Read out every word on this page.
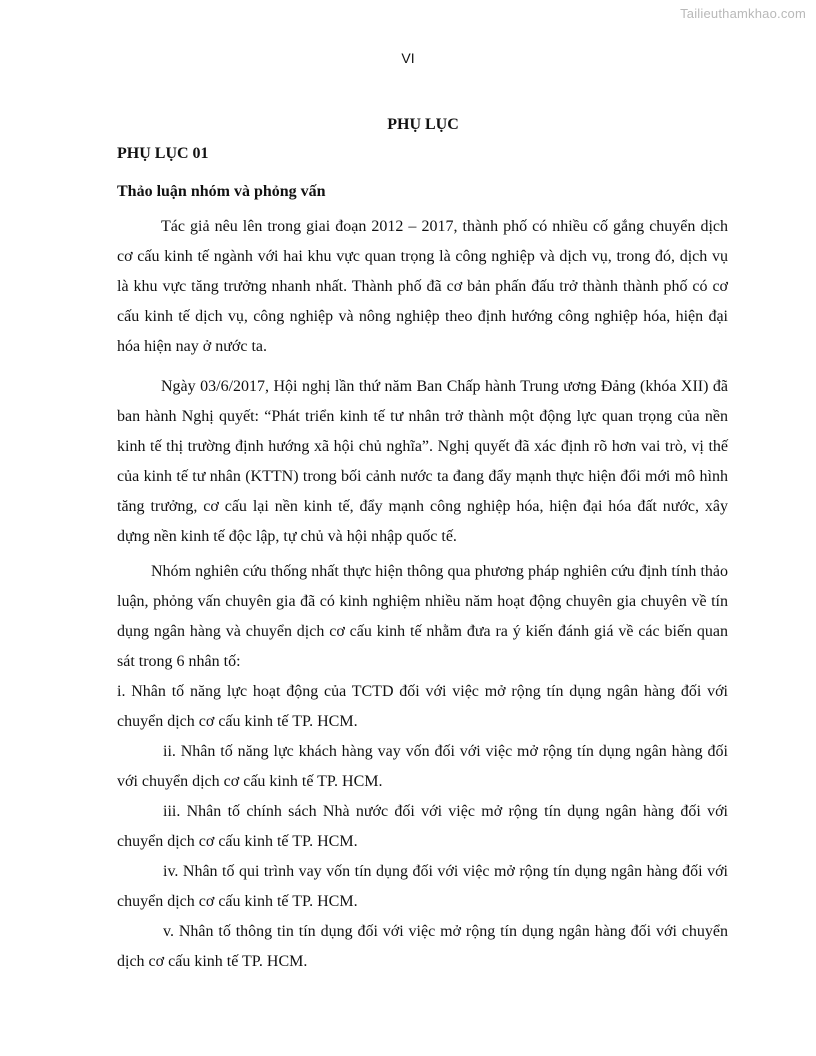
Tailieuthamkhao.com
VI
PHỤ LỤC
PHỤ LỤC 01
Thảo luận nhóm và phỏng vấn

Tác giả nêu lên trong giai đoạn 2012 – 2017, thành phố có nhiều cố gắng chuyển dịch cơ cấu kinh tế ngành với hai khu vực quan trọng là công nghiệp và dịch vụ, trong đó, dịch vụ là khu vực tăng trưởng nhanh nhất. Thành phố đã cơ bản phấn đấu trở thành thành phố có cơ cấu kinh tế dịch vụ, công nghiệp và nông nghiệp theo định hướng công nghiệp hóa, hiện đại hóa hiện nay ở nước ta.

Ngày 03/6/2017, Hội nghị lần thứ năm Ban Chấp hành Trung ương Đảng (khóa XII) đã ban hành Nghị quyết: “Phát triển kinh tế tư nhân trở thành một động lực quan trọng của nền kinh tế thị trường định hướng xã hội chủ nghĩa”. Nghị quyết đã xác định rõ hơn vai trò, vị thế của kinh tế tư nhân (KTTN) trong bối cảnh nước ta đang đẩy mạnh thực hiện đổi mới mô hình tăng trưởng, cơ cấu lại nền kinh tế, đẩy mạnh công nghiệp hóa, hiện đại hóa đất nước, xây dựng nền kinh tế độc lập, tự chủ và hội nhập quốc tế.

Nhóm nghiên cứu thống nhất thực hiện thông qua phương pháp nghiên cứu định tính thảo luận, phỏng vấn chuyên gia đã có kinh nghiệm nhiều năm hoạt động chuyên gia chuyên về tín dụng ngân hàng và chuyển dịch cơ cấu kinh tế nhằm đưa ra ý kiến đánh giá về các biến quan sát trong 6 nhân tố:

i. Nhân tố năng lực hoạt động của TCTD đối với việc mở rộng tín dụng ngân hàng đối với chuyển dịch cơ cấu kinh tế TP. HCM.

ii. Nhân tố năng lực khách hàng vay vốn đối với việc mở rộng tín dụng ngân hàng đối với chuyển dịch cơ cấu kinh tế TP. HCM.

iii. Nhân tố chính sách Nhà nước đối với việc mở rộng tín dụng ngân hàng đối với chuyển dịch cơ cấu kinh tế TP. HCM.

iv. Nhân tố qui trình vay vốn tín dụng đối với việc mở rộng tín dụng ngân hàng đối với chuyển dịch cơ cấu kinh tế TP. HCM.

v. Nhân tố thông tin tín dụng đối với việc mở rộng tín dụng ngân hàng đối với chuyển dịch cơ cấu kinh tế TP. HCM.
